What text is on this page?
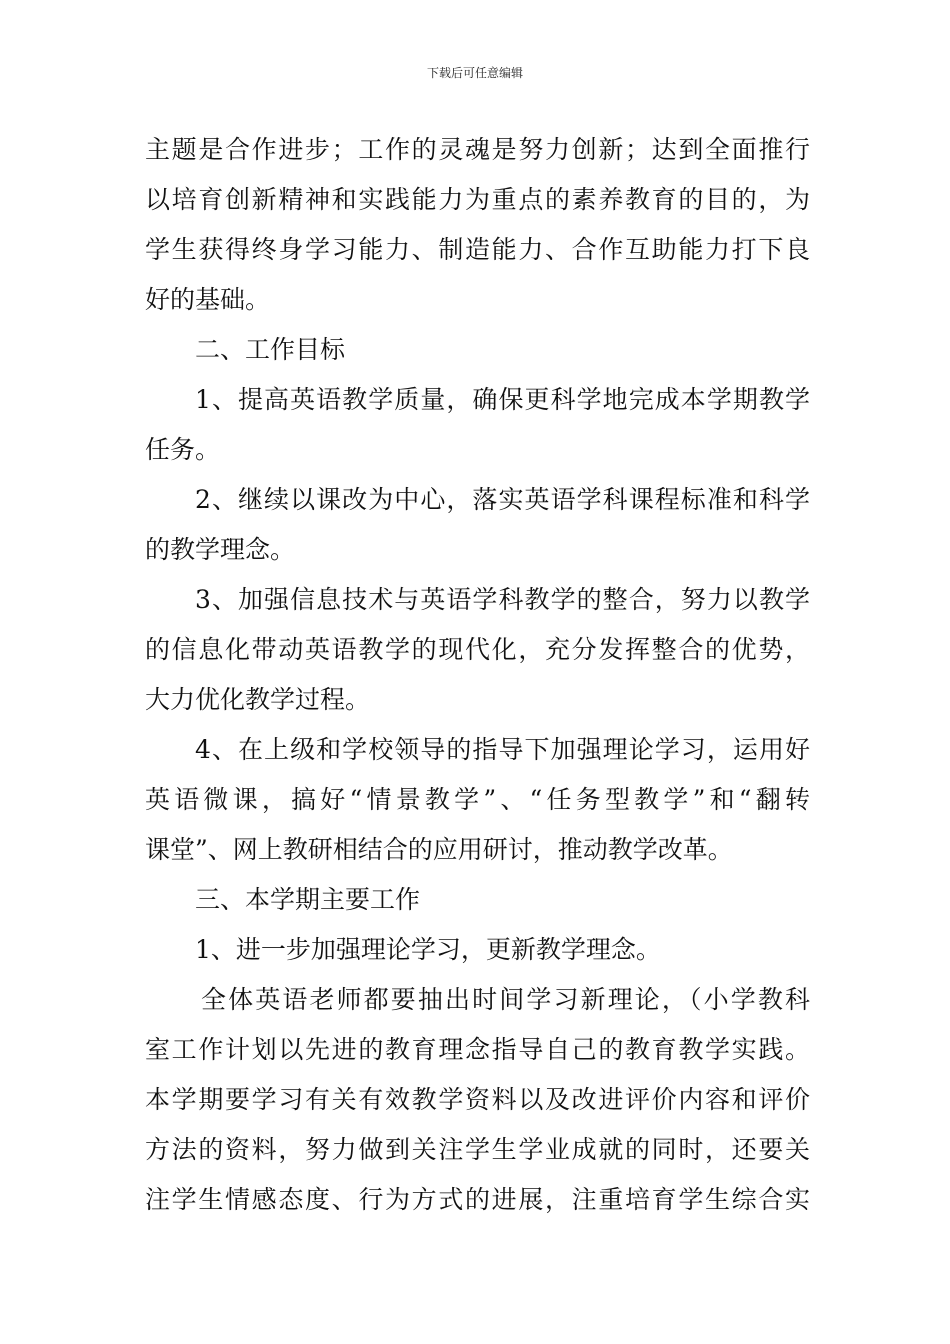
下载后可任意编辑
主题是合作进步；工作的灵魂是努力创新；达到全面推行
以培育创新精神和实践能力为重点的素养教育的目的，为
学生获得终身学习能力、制造能力、合作互助能力打下良
好的基础。
二、工作目标
1、提高英语教学质量，确保更科学地完成本学期教学
任务。
2、继续以课改为中心，落实英语学科课程标准和科学
的教学理念。
3、加强信息技术与英语学科教学的整合，努力以教学
的信息化带动英语教学的现代化，充分发挥整合的优势，
大力优化教学过程。
4、在上级和学校领导的指导下加强理论学习，运用好
英语微课，搞好“情景教学”、“任务型教学”和“翻转
课堂”、网上教研相结合的应用研讨，推动教学改革。
三、本学期主要工作
1、进一步加强理论学习，更新教学理念。
全体英语老师都要抽出时间学习新理论，（小学教科
室工作计划以先进的教育理念指导自己的教育教学实践。
本学期要学习有关有效教学资料以及改进评价内容和评价
方法的资料，努力做到关注学生学业成就的同时，还要关
注学生情感态度、行为方式的进展，注重培育学生综合实
